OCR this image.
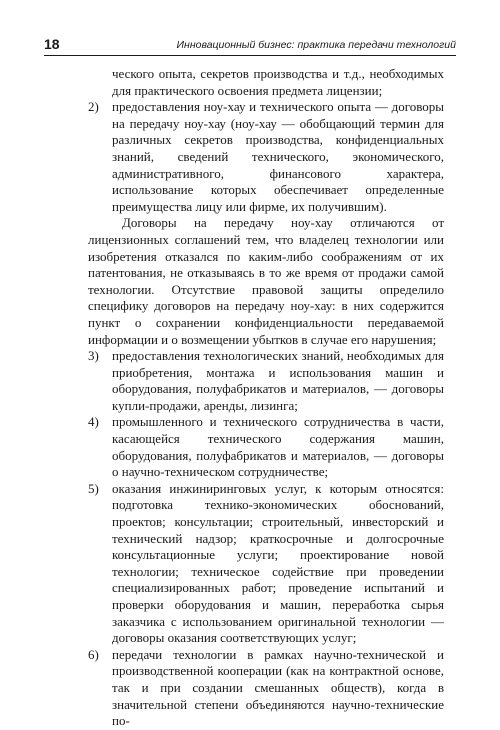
18	Инновационный бизнес: практика передачи технологий

ческого опыта, секретов производства и т.д., необходимых для практического освоения предмета лицензии;

2) предоставления ноу-хау и технического опыта — договоры на передачу ноу-хау (ноу-хау — обобщающий термин для различных секретов производства, конфиденциальных знаний, сведений технического, экономического, административного, финансового характера, использование которых обеспечивает определенные преимущества лицу или фирме, их получившим).

Договоры на передачу ноу-хау отличаются от лицензионных соглашений тем, что владелец технологии или изобретения отказался по каким-либо соображениям от их патентования, не отказываясь в то же время от продажи самой технологии. Отсутствие правовой защиты определило специфику договоров на передачу ноу-хау: в них содержится пункт о сохранении конфиденциальности передаваемой информации и о возмещении убытков в случае его нарушения;

3) предоставления технологических знаний, необходимых для приобретения, монтажа и использования машин и оборудования, полуфабрикатов и материалов, — договоры купли-продажи, аренды, лизинга;

4) промышленного и технического сотрудничества в части, касающейся технического содержания машин, оборудования, полуфабрикатов и материалов, — договоры о научно-техническом сотрудничестве;

5) оказания инжиниринговых услуг, к которым относятся: подготовка технико-экономических обоснований, проектов; консультации; строительный, инвесторский и технический надзор; краткосрочные и долгосрочные консультационные услуги; проектирование новой технологии; техническое содействие при проведении специализированных работ; проведение испытаний и проверки оборудования и машин, переработка сырья заказчика с использованием оригинальной технологии — договоры оказания соответствующих услуг;

6) передачи технологии в рамках научно-технической и производственной кооперации (как на контрактной основе, так и при создании смешанных обществ), когда в значительной степени объединяются научно-технические по-
